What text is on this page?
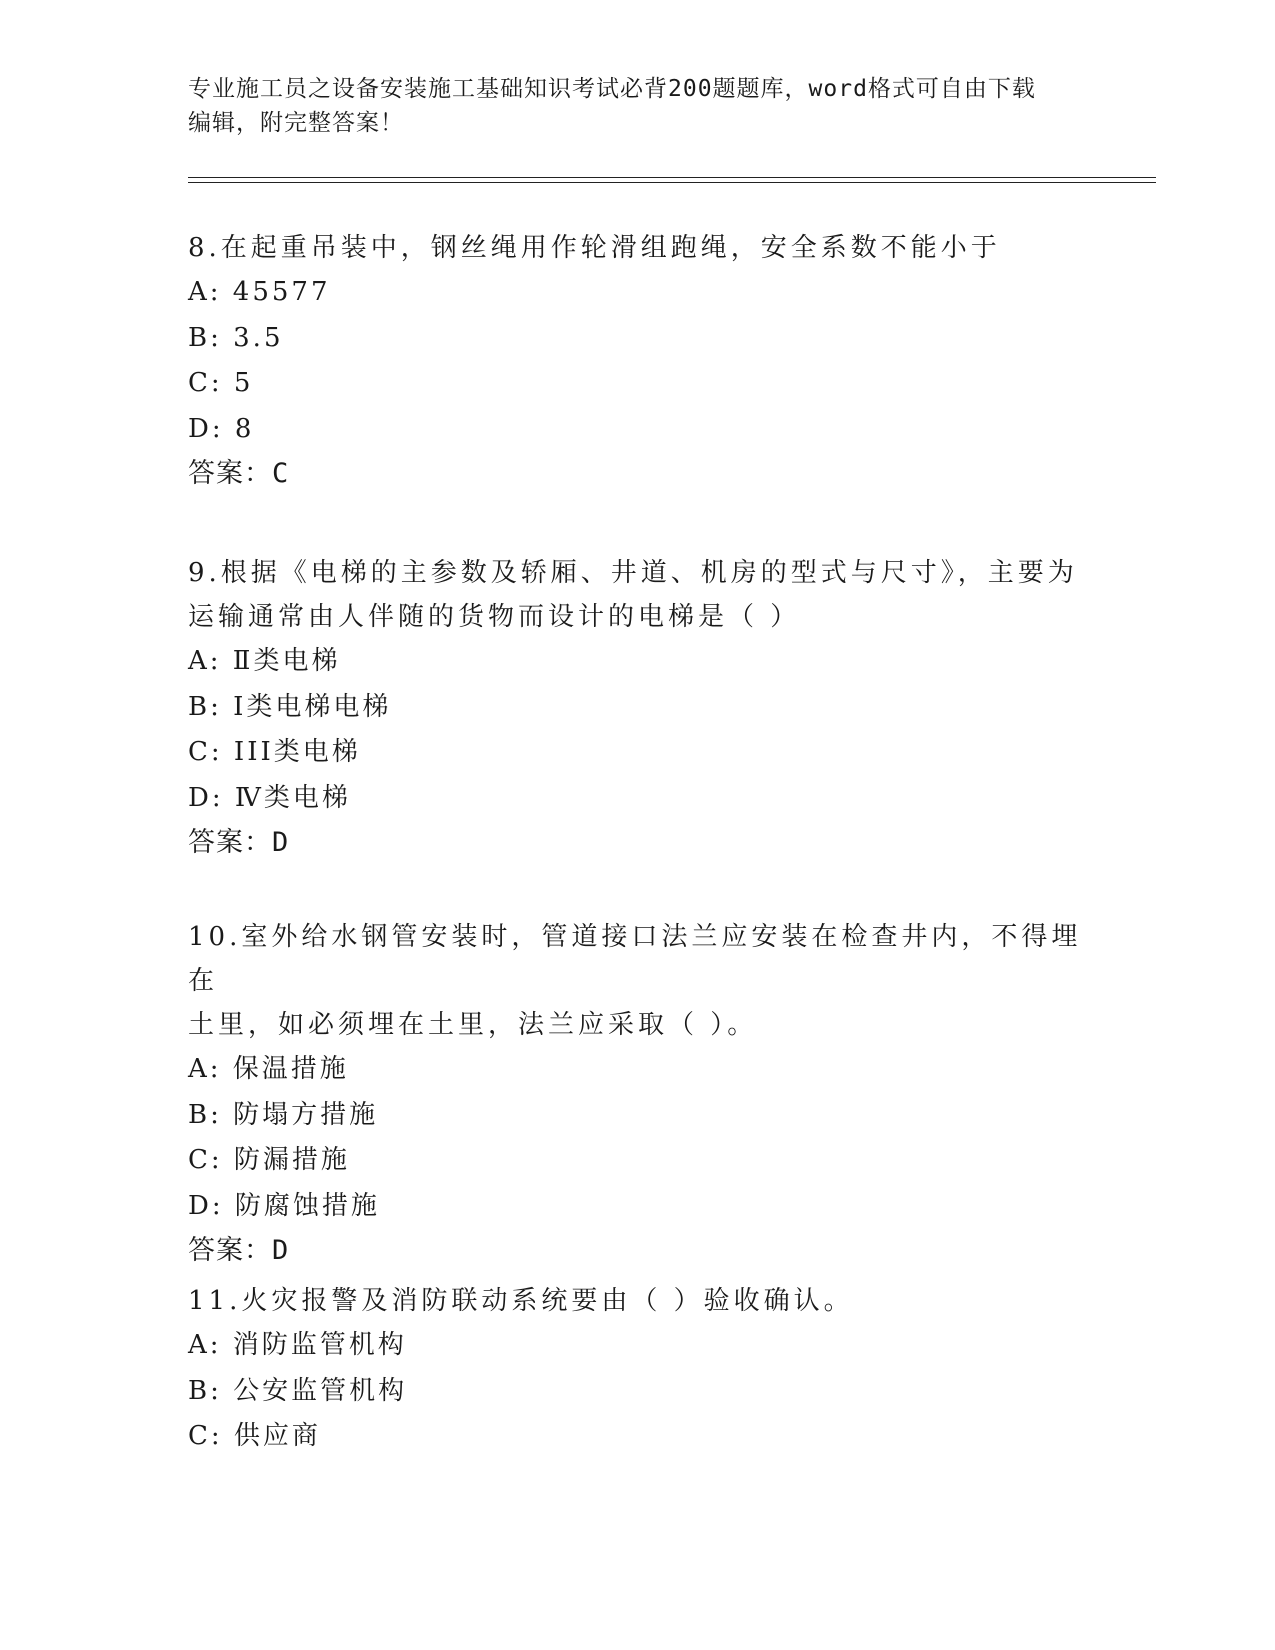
专业施工员之设备安装施工基础知识考试必背200题题库，word格式可自由下载
编辑，附完整答案！

8.在起重吊装中，钢丝绳用作轮滑组跑绳，安全系数不能小于

A: 45577

B: 3.5

C: 5

D: 8

答案：C

9.根据《电梯的主参数及轿厢、井道、机房的型式与尺寸》，主要为

运输通常由人伴随的货物而设计的电梯是（ ）

A: Ⅱ类电梯

B: Ⅰ类电梯电梯

C: III类电梯

D: Ⅳ类电梯

答案：D

10.室外给水钢管安装时，管道接口法兰应安装在检查井内，不得埋在

土里，如必须埋在土里，法兰应采取（ ）。

A: 保温措施

B: 防塌方措施

C: 防漏措施

D: 防腐蚀措施

答案：D

11.火灾报警及消防联动系统要由（ ）验收确认。

A: 消防监管机构

B: 公安监管机构

C: 供应商
